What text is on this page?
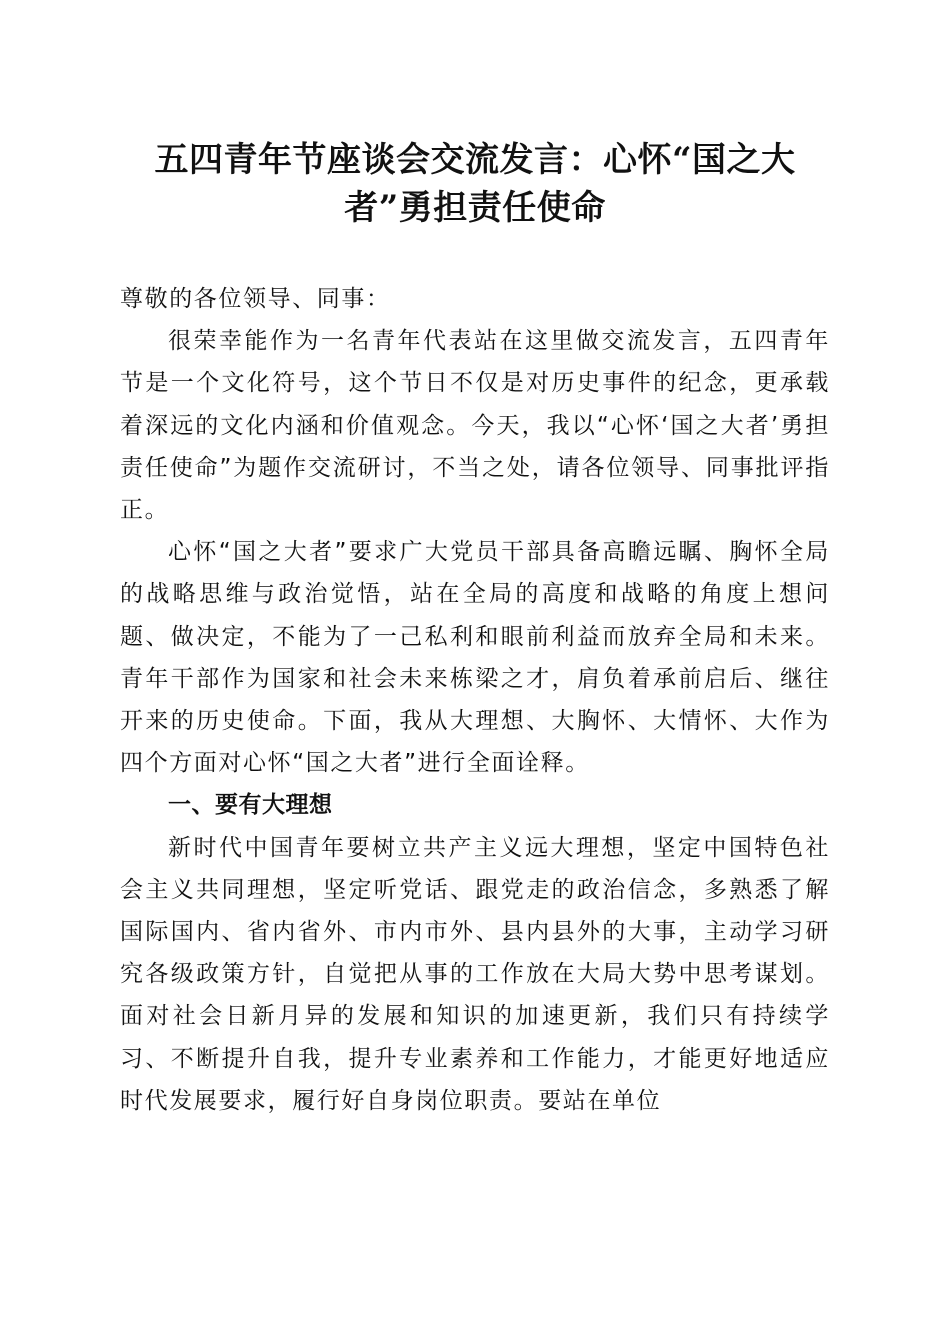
五四青年节座谈会交流发言：心怀“国之大者”勇担责任使命

尊敬的各位领导、同事：

很荣幸能作为一名青年代表站在这里做交流发言，五四青年节是一个文化符号，这个节日不仅是对历史事件的纪念，更承载着深远的文化内涵和价值观念。今天，我以“心怀‘国之大者’勇担责任使命”为题作交流研讨，不当之处，请各位领导、同事批评指正。

心怀“国之大者”要求广大党员干部具备高瞻远瞩、胸怀全局的战略思维与政治觉悟，站在全局的高度和战略的角度上想问题、做决定，不能为了一己私利和眼前利益而放弃全局和未来。青年干部作为国家和社会未来栋梁之才，肩负着承前启后、继往开来的历史使命。下面，我从大理想、大胸怀、大情怀、大作为四个方面对心怀“国之大者”进行全面诠释。

一、要有大理想

新时代中国青年要树立共产主义远大理想，坚定中国特色社会主义共同理想，坚定听党话、跟党走的政治信念，多熟悉了解国际国内、省内省外、市内市外、县内县外的大事，主动学习研究各级政策方针，自觉把从事的工作放在大局大势中思考谋划。面对社会日新月异的发展和知识的加速更新，我们只有持续学习、不断提升自我，提升专业素养和工作能力，才能更好地适应时代发展要求，履行好自身岗位职责。要站在单位
